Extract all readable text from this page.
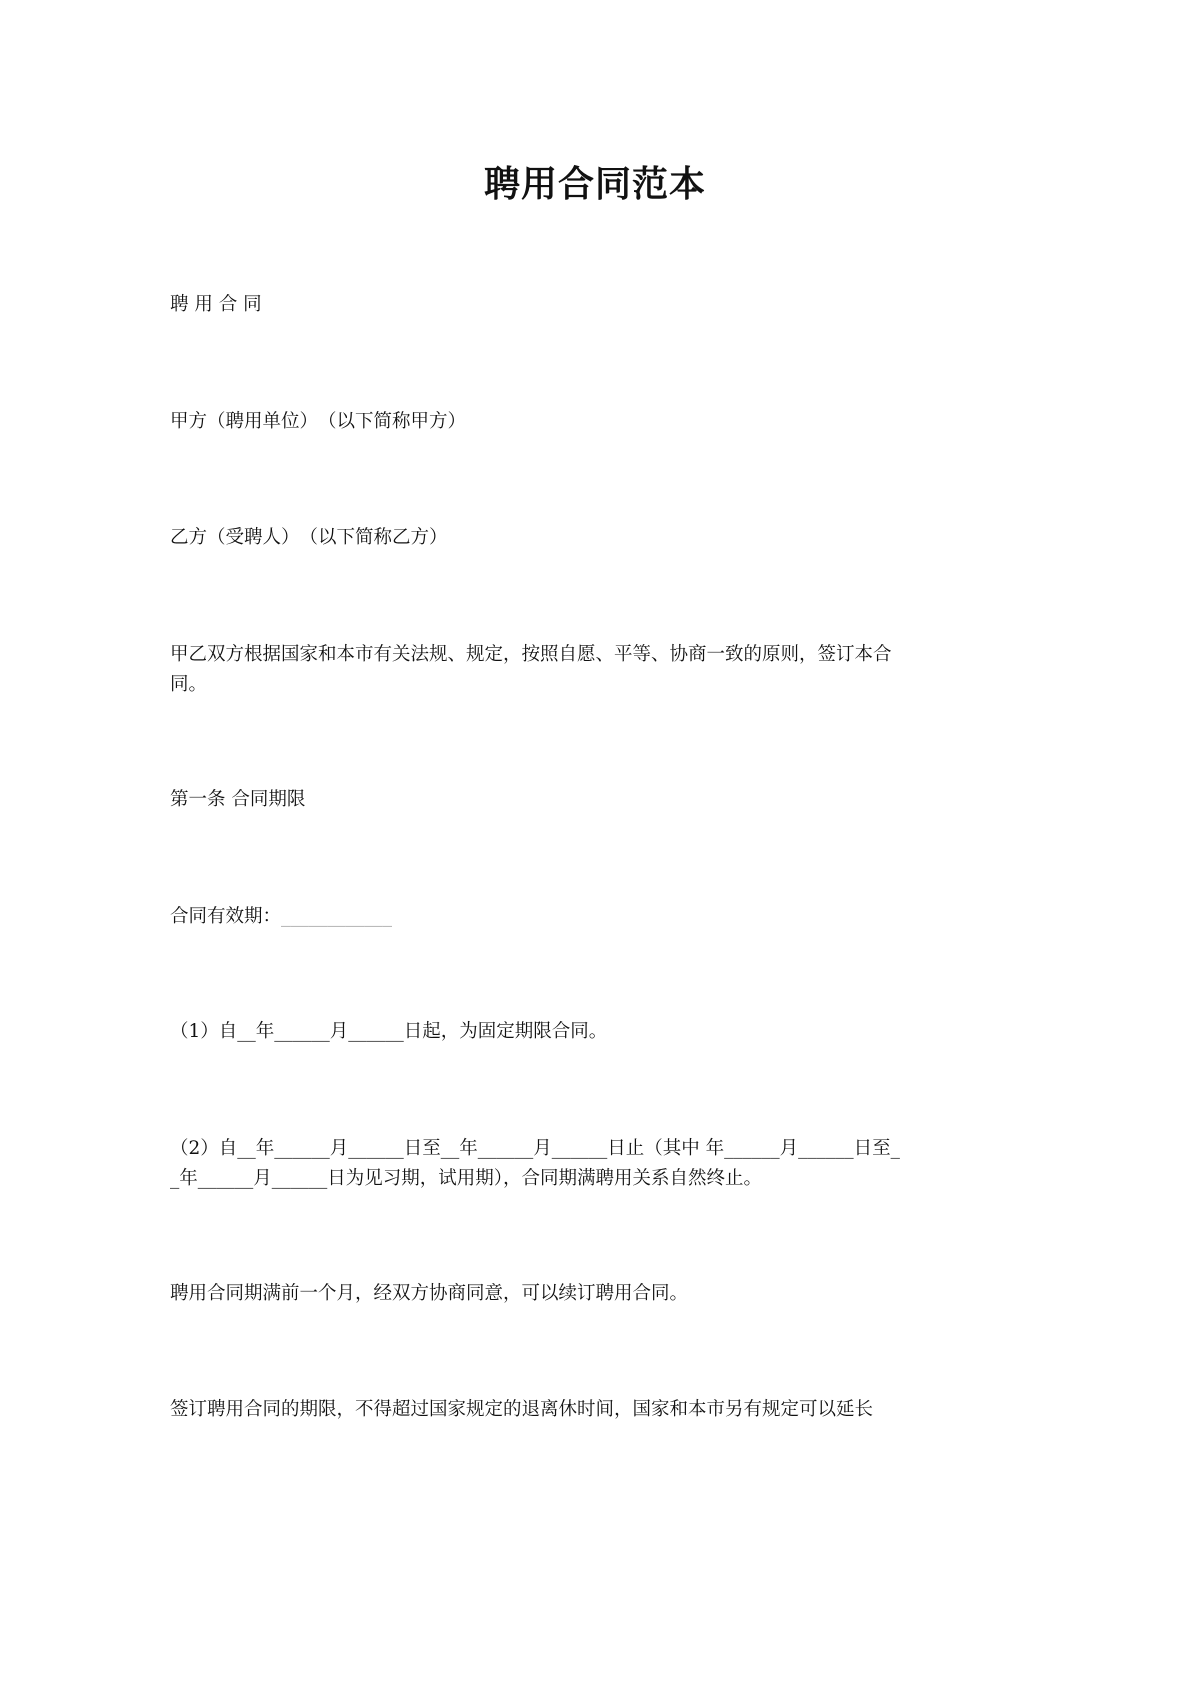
聘用合同范本
聘 用 合 同
甲方（聘用单位）　（以下简称甲方）
乙方（受聘人）　（以下简称乙方）
甲乙双方根据国家和本市有关法规、规定，按照自愿、平等、协商一致的原则，签订本合
同。
第一条 合同期限
合同有效期：____________
（1）自__年______月______日起，为固定期限合同。
（2）自__年______月______日至__年______月______日止（其中 年______月______日至_
_年______月______日为见习期，试用期），合同期满聘用关系自然终止。
聘用合同期满前一个月，经双方协商同意，可以续订聘用合同。
签订聘用合同的期限，不得超过国家规定的退离休时间，国家和本市另有规定可以延长
